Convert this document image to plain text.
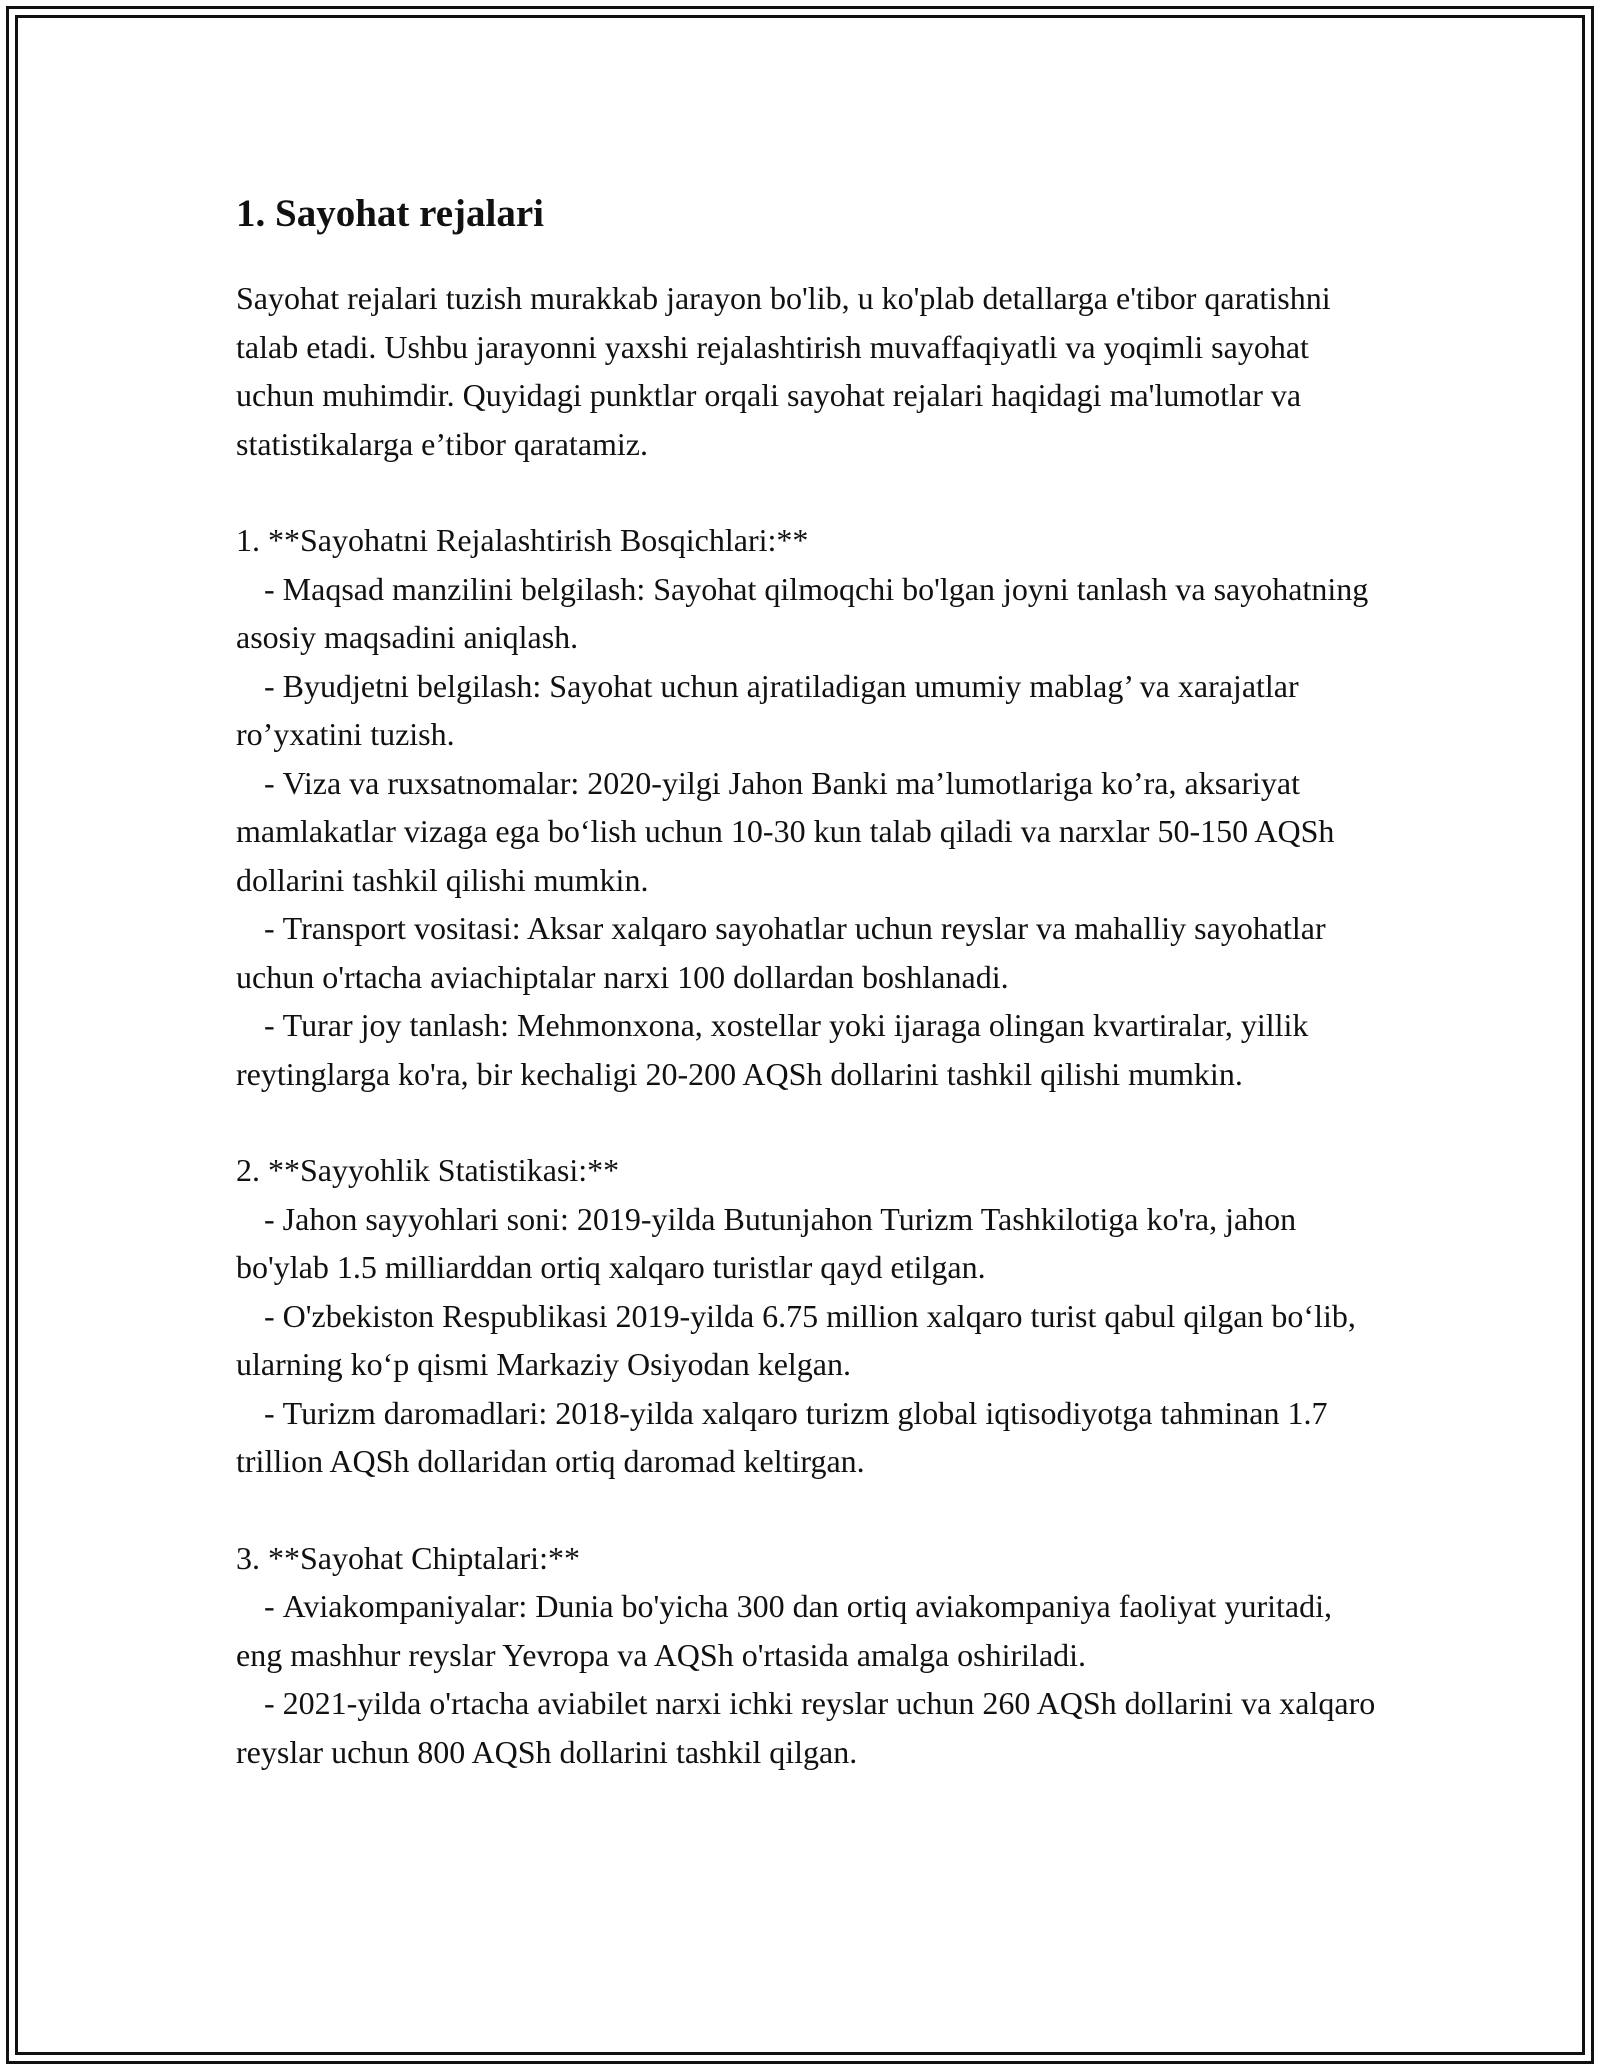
1. Sayohat rejalari

Sayohat rejalari tuzish murakkab jarayon bo'lib, u ko'plab detallarga e'tibor qaratishni talab etadi. Ushbu jarayonni yaxshi rejalashtirish muvaffaqiyatli va yoqimli sayohat uchun muhimdir. Quyidagi punktlar orqali sayohat rejalari haqidagi ma'lumotlar va statistikalarga e’tibor qaratamiz.

1. **Sayohatni Rejalashtirish Bosqichlari:**

- Maqsad manzilini belgilash: Sayohat qilmoqchi bo'lgan joyni tanlash va sayohatning asosiy maqsadini aniqlash.

- Byudjetni belgilash: Sayohat uchun ajratiladigan umumiy mablag’ va xarajatlar ro’yxatini tuzish.

- Viza va ruxsatnomalar: 2020-yilgi Jahon Banki ma’lumotlariga ko’ra, aksariyat mamlakatlar vizaga ega bo‘lish uchun 10-30 kun talab qiladi va narxlar 50-150 AQSh dollarini tashkil qilishi mumkin.

- Transport vositasi: Aksar xalqaro sayohatlar uchun reyslar va mahalliy sayohatlar uchun o'rtacha aviachiptalar narxi 100 dollardan boshlanadi.

- Turar joy tanlash: Mehmonxona, xostellar yoki ijaraga olingan kvartiralar, yillik reytinglarga ko'ra, bir kechaligi 20-200 AQSh dollarini tashkil qilishi mumkin.

2. **Sayyohlik Statistikasi:**

- Jahon sayyohlari soni: 2019-yilda Butunjahon Turizm Tashkilotiga ko'ra, jahon bo'ylab 1.5 milliarddan ortiq xalqaro turistlar qayd etilgan.

- O'zbekiston Respublikasi 2019-yilda 6.75 million xalqaro turist qabul qilgan bo‘lib, ularning ko‘p qismi Markaziy Osiyodan kelgan.

- Turizm daromadlari: 2018-yilda xalqaro turizm global iqtisodiyotga tahminan 1.7 trillion AQSh dollaridan ortiq daromad keltirgan.

3. **Sayohat Chiptalari:**

- Aviakompaniyalar: Dunia bo'yicha 300 dan ortiq aviakompaniya faoliyat yuritadi, eng mashhur reyslar Yevropa va AQSh o'rtasida amalga oshiriladi.

- 2021-yilda o'rtacha aviabilet narxi ichki reyslar uchun 260 AQSh dollarini va xalqaro reyslar uchun 800 AQSh dollarini tashkil qilgan.
